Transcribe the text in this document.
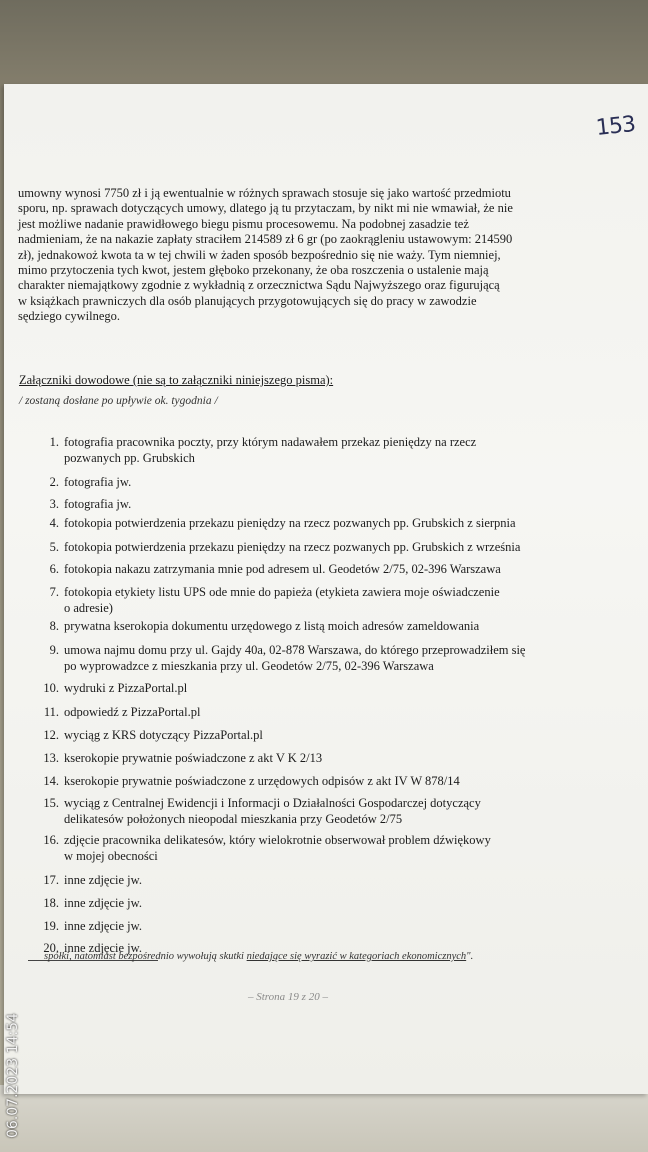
153

umowny wynosi 7750 zł i ją ewentualnie w różnych sprawach stosuje się jako wartość przedmiotu

sporu, np. sprawach dotyczących umowy, dlatego ją tu przytaczam, by nikt mi nie wmawiał, że nie

jest możliwe nadanie prawidłowego biegu pismu procesowemu. Na podobnej zasadzie też

nadmieniam, że na nakazie zapłaty straciłem 214589 zł 6 gr (po zaokrągleniu ustawowym: 214590

zł), jednakowoż kwota ta w tej chwili w żaden sposób bezpośrednio się nie waży. Tym niemniej,

mimo przytoczenia tych kwot, jestem głęboko przekonany, że oba roszczenia o ustalenie mają

charakter niemajątkowy zgodnie z wykładnią z orzecznictwa Sądu Najwyższego oraz figurującą

w książkach prawniczych dla osób planujących przygotowujących się do pracy w zawodzie

sędziego cywilnego.

Załączniki dowodowe (nie są to załączniki niniejszego pisma):
/ zostaną dosłane po upływie ok. tygodnia /
1. fotografia pracownika poczty, przy którym nadawałem przekaz pieniędzy na rzecz
pozwanych pp. Grubskich
2. fotografia jw.
3. fotografia jw.
4. fotokopia potwierdzenia przekazu pieniędzy na rzecz pozwanych pp. Grubskich z sierpnia
5. fotokopia potwierdzenia przekazu pieniędzy na rzecz pozwanych pp. Grubskich z września
6. fotokopia nakazu zatrzymania mnie pod adresem ul. Geodetów 2/75, 02-396 Warszawa
7. fotokopia etykiety listu UPS ode mnie do papieża (etykieta zawiera moje oświadczenie
o adresie)
8. prywatna kserokopia dokumentu urzędowego z listą moich adresów zameldowania
9. umowa najmu domu przy ul. Gajdy 40a, 02-878 Warszawa, do którego przeprowadziłem się
po wyprowadzce z mieszkania przy ul. Geodetów 2/75, 02-396 Warszawa
10. wydruki z PizzaPortal.pl
11. odpowiedź z PizzaPortal.pl
12. wyciąg z KRS dotyczący PizzaPortal.pl
13. kserokopie prywatnie poświadczone z akt V K 2/13
14. kserokopie prywatnie poświadczone z urzędowych odpisów z akt IV W 878/14
15. wyciąg z Centralnej Ewidencji i Informacji o Działalności Gospodarczej dotyczący
delikatesów położonych nieopodal mieszkania przy Geodetów 2/75
16. zdjęcie pracownika delikatesów, który wielokrotnie obserwował problem dźwiękowy
w mojej obecności
17. inne zdjęcie jw.
18. inne zdjęcie jw.
19. inne zdjęcie jw.
20. inne zdjęcie jw.
spółki, natomiast bezpośrednio wywołują skutki niedające się wyrazić w kategoriach ekonomicznych".
– Strona 19 z 20 –
06.07.2023 14:54
